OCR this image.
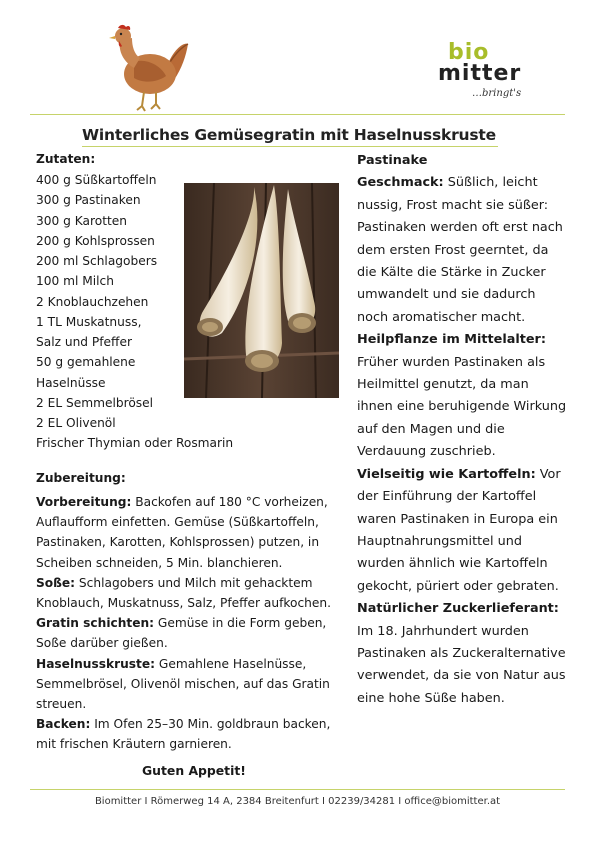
bio
mitter
…bringt's
Winterliches Gemüsegratin mit Haselnusskruste
Zutaten:
400 g Süßkartoffeln
300 g Pastinaken
300 g Karotten
200 g Kohlsprossen
200 ml Schlagobers
100 ml Milch
2 Knoblauchzehen
1 TL Muskatnuss,
Salz und Pfeffer
50 g gemahlene
Haselnüsse
2 EL Semmelbrösel
2 EL Olivenöl
Frischer Thymian oder Rosmarin
Zubereitung:

Vorbereitung: Backofen auf 180 °C vorheizen, Auflaufform einfetten. Gemüse (Süßkartoffeln, Pastinaken, Karotten, Kohlsprossen) putzen, in Scheiben schneiden, 5 Min. blanchieren.

Soße: Schlagobers und Milch mit gehacktem Knoblauch, Muskatnuss, Salz, Pfeffer aufkochen.

Gratin schichten: Gemüse in die Form geben, Soße darüber gießen.

Haselnusskruste: Gemahlene Haselnüsse, Semmelbrösel, Olivenöl mischen, auf das Gratin streuen.

Backen: Im Ofen 25–30 Min. goldbraun backen, mit frischen Kräutern garnieren.

Guten Appetit!

Pastinake

Geschmack: Süßlich, leicht nussig, Frost macht sie süßer: Pastinaken werden oft erst nach dem ersten Frost geerntet, da die Kälte die Stärke in Zucker umwandelt und sie dadurch noch aromatischer macht.

Heilpflanze im Mittelalter: Früher wurden Pastinaken als Heilmittel genutzt, da man ihnen eine beruhigende Wirkung auf den Magen und die Verdauung zuschrieb.

Vielseitig wie Kartoffeln: Vor der Einführung der Kartoffel waren Pastinaken in Europa ein Hauptnahrungsmittel und wurden ähnlich wie Kartoffeln gekocht, püriert oder gebraten.

Natürlicher Zuckerlieferant: Im 18. Jahrhundert wurden Pastinaken als Zuckeralternative verwendet, da sie von Natur aus eine hohe Süße haben.

Biomitter I Römerweg 14 A, 2384 Breitenfurt I 02239/34281 I office@biomitter.at
